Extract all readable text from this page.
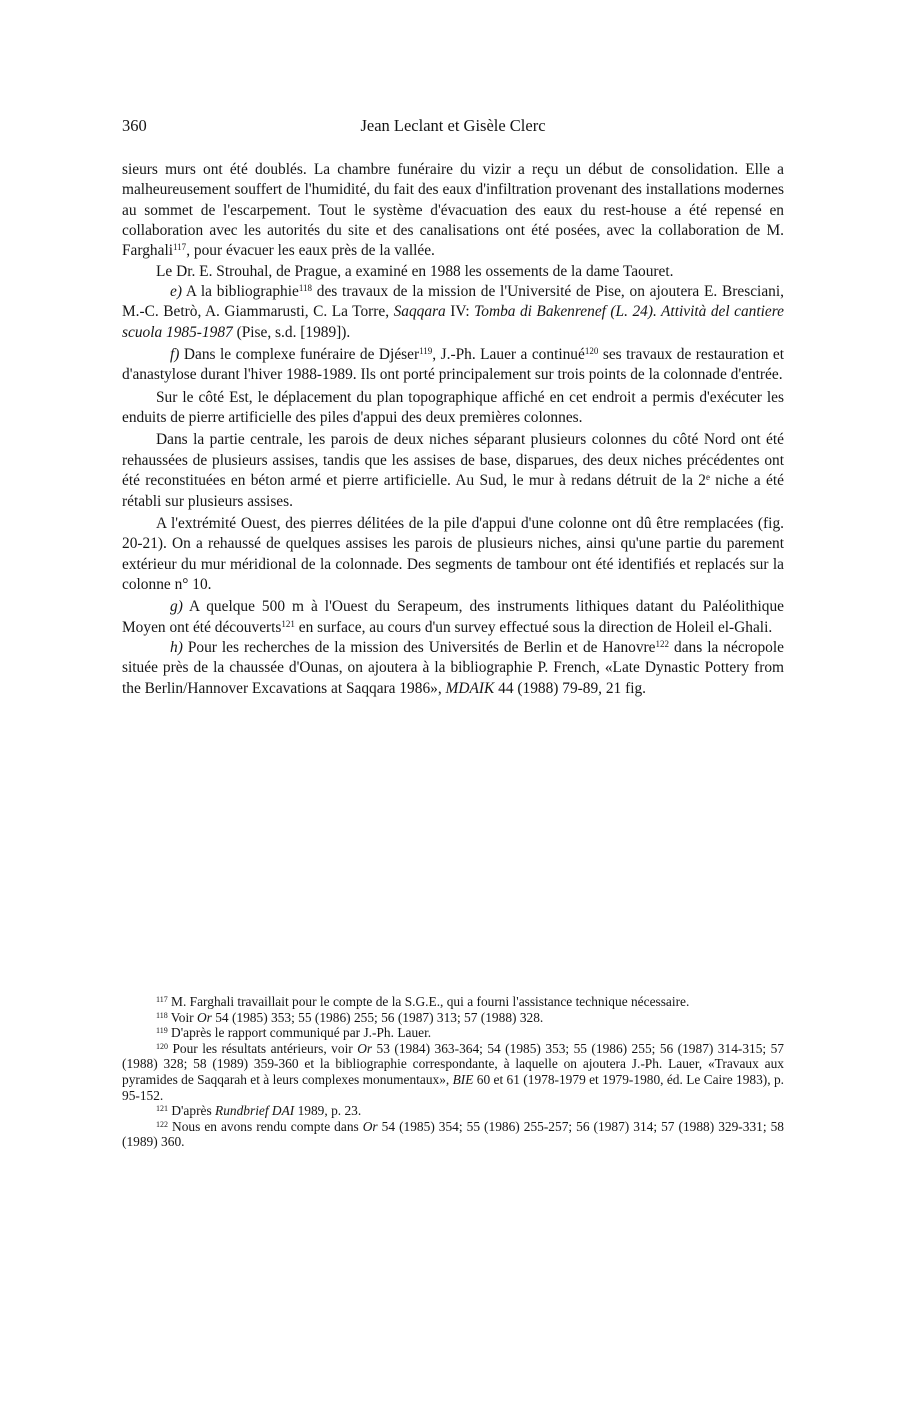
360	Jean Leclant et Gisèle Clerc

sieurs murs ont été doublés. La chambre funéraire du vizir a reçu un début de consolidation. Elle a malheureusement souffert de l'humidité, du fait des eaux d'infiltration provenant des installations modernes au sommet de l'escarpement. Tout le système d'évacuation des eaux du rest-house a été repensé en collaboration avec les autorités du site et des canalisations ont été posées, avec la collaboration de M. Farghali$^{117}$, pour évacuer les eaux près de la vallée.

Le Dr. E. Strouhal, de Prague, a examiné en 1988 les ossements de la dame Taouret.

e) A la bibliographie$^{118}$ des travaux de la mission de l'Université de Pise, on ajoutera E. Bresciani, M.-C. Betrò, A. Giammarusti, C. La Torre, Saqqara IV: Tomba di Bakenrenef (L. 24). Attività del cantiere scuola 1985-1987 (Pise, s.d. [1989]).

f) Dans le complexe funéraire de Djéser$^{119}$, J.-Ph. Lauer a continué$^{120}$ ses travaux de restauration et d'anastylose durant l'hiver 1988-1989. Ils ont porté principalement sur trois points de la colonnade d'entrée.

Sur le côté Est, le déplacement du plan topographique affiché en cet endroit a permis d'exécuter les enduits de pierre artificielle des piles d'appui des deux premières colonnes.

Dans la partie centrale, les parois de deux niches séparant plusieurs colonnes du côté Nord ont été rehaussées de plusieurs assises, tandis que les assises de base, disparues, des deux niches précédentes ont été reconstituées en béton armé et pierre artificielle. Au Sud, le mur à redans détruit de la 2e niche a été rétabli sur plusieurs assises.

A l'extrémité Ouest, des pierres délitées de la pile d'appui d'une colonne ont dû être remplacées (fig. 20-21). On a rehaussé de quelques assises les parois de plusieurs niches, ainsi qu'une partie du parement extérieur du mur méridional de la colonnade. Des segments de tambour ont été identifiés et replacés sur la colonne n° 10.

g) A quelque 500 m à l'Ouest du Serapeum, des instruments lithiques datant du Paléolithique Moyen ont été découverts$^{121}$ en surface, au cours d'un survey effectué sous la direction de Holeil el-Ghali.

h) Pour les recherches de la mission des Universités de Berlin et de Hanovre$^{122}$ dans la nécropole située près de la chaussée d'Ounas, on ajoutera à la bibliographie P. French, «Late Dynastic Pottery from the Berlin/Hannover Excavations at Saqqara 1986», MDAIK 44 (1988) 79-89, 21 fig.

$^{117}$ M. Farghali travaillait pour le compte de la S.G.E., qui a fourni l'assistance technique nécessaire.

$^{118}$ Voir Or 54 (1985) 353; 55 (1986) 255; 56 (1987) 313; 57 (1988) 328.

$^{119}$ D'après le rapport communiqué par J.-Ph. Lauer.

$^{120}$ Pour les résultats antérieurs, voir Or 53 (1984) 363-364; 54 (1985) 353; 55 (1986) 255; 56 (1987) 314-315; 57 (1988) 328; 58 (1989) 359-360 et la bibliographie correspondante, à laquelle on ajoutera J.-Ph. Lauer, «Travaux aux pyramides de Saqqarah et à leurs complexes monumentaux», BIE 60 et 61 (1978-1979 et 1979-1980, éd. Le Caire 1983), p. 95-152.

$^{121}$ D'après Rundbrief DAI 1989, p. 23.

$^{122}$ Nous en avons rendu compte dans Or 54 (1985) 354; 55 (1986) 255-257; 56 (1987) 314; 57 (1988) 329-331; 58 (1989) 360.
